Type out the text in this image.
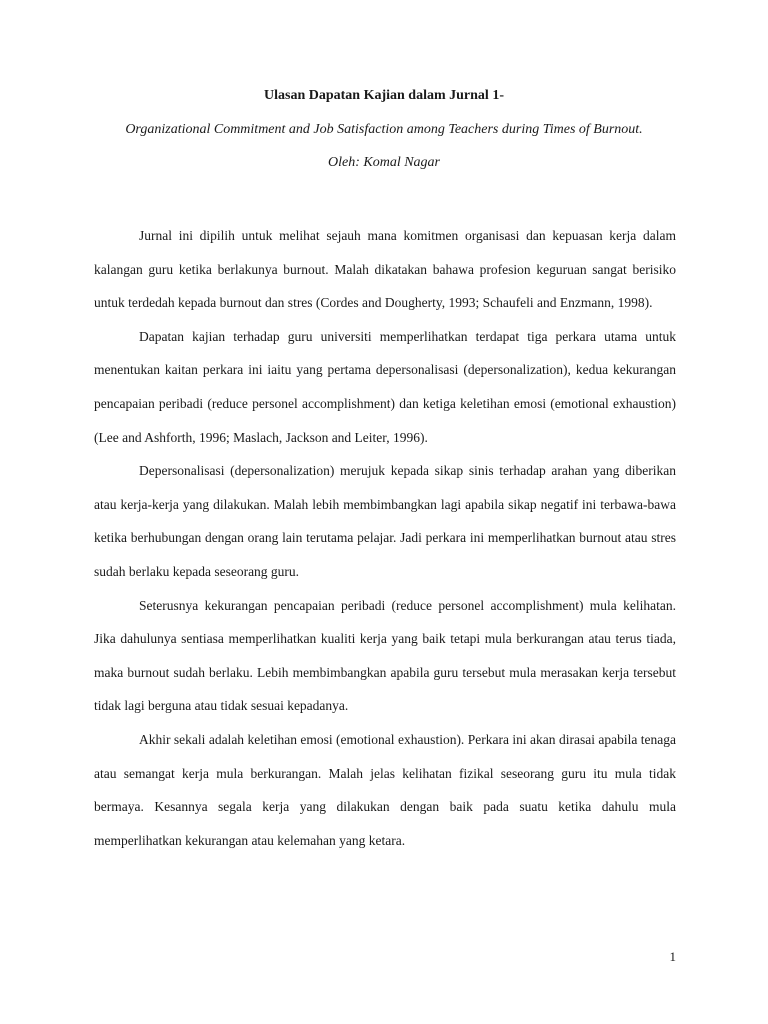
Ulasan Dapatan Kajian dalam Jurnal 1-

Organizational Commitment and Job Satisfaction among Teachers during Times of Burnout.

Oleh: Komal Nagar

Jurnal ini dipilih untuk melihat sejauh mana komitmen organisasi dan kepuasan kerja dalam kalangan guru ketika berlakunya burnout. Malah dikatakan bahawa profesion keguruan sangat berisiko untuk terdedah kepada burnout dan stres (Cordes and Dougherty, 1993; Schaufeli and Enzmann, 1998).

Dapatan kajian terhadap guru universiti memperlihatkan terdapat tiga perkara utama untuk menentukan kaitan perkara ini iaitu yang pertama depersonalisasi (depersonalization), kedua kekurangan pencapaian peribadi (reduce personel accomplishment) dan ketiga keletihan emosi (emotional exhaustion) (Lee and Ashforth, 1996; Maslach, Jackson and Leiter, 1996).

Depersonalisasi (depersonalization) merujuk kepada sikap sinis terhadap arahan yang diberikan atau kerja-kerja yang dilakukan. Malah lebih membimbangkan lagi apabila sikap negatif ini terbawa-bawa ketika berhubungan dengan orang lain terutama pelajar. Jadi perkara ini memperlihatkan burnout atau stres sudah berlaku kepada seseorang guru.

Seterusnya kekurangan pencapaian peribadi (reduce personel accomplishment) mula kelihatan. Jika dahulunya sentiasa memperlihatkan kualiti kerja yang baik tetapi mula berkurangan atau terus tiada, maka burnout sudah berlaku. Lebih membimbangkan apabila guru tersebut mula merasakan kerja tersebut tidak lagi berguna atau tidak sesuai kepadanya.

Akhir sekali adalah keletihan emosi (emotional exhaustion). Perkara ini akan dirasai apabila tenaga atau semangat kerja mula berkurangan. Malah jelas kelihatan fizikal seseorang guru itu mula tidak bermaya. Kesannya segala kerja yang dilakukan dengan baik pada suatu ketika dahulu mula memperlihatkan kekurangan atau kelemahan yang ketara.

1
